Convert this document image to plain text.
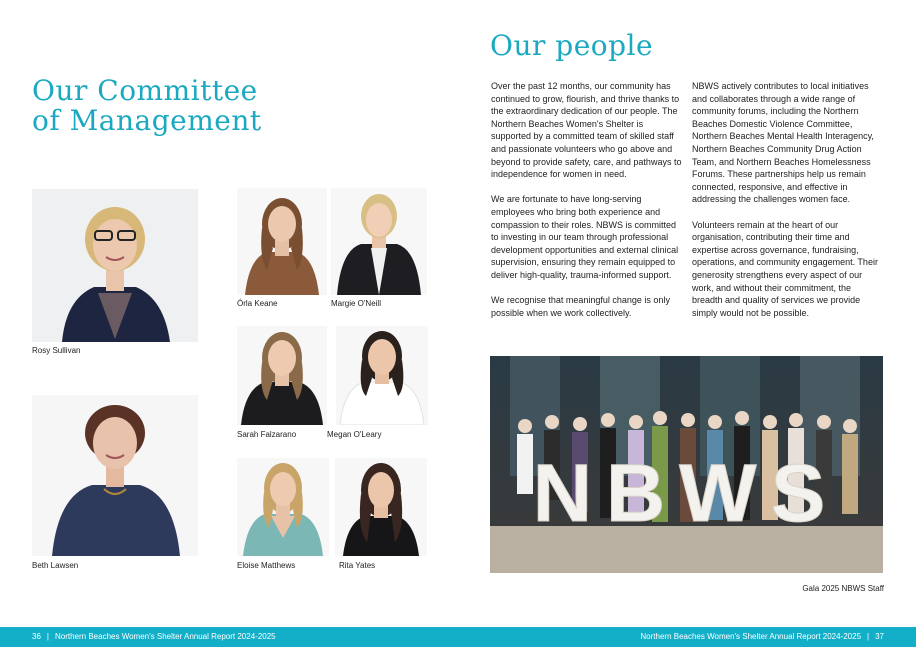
Our Committee
of Management
Rosy Sullivan
Beth Lawsen
Órla Keane	Margie O'Neill
Sarah Falzarano	Megan O'Leary
Eloise Matthews	Rita Yates
Our people

Over the past 12 months, our community has continued to grow, flourish, and thrive thanks to the extraordinary dedication of our people. The Northern Beaches Women's Shelter is supported by a committed team of skilled staff and passionate volunteers who go above and beyond to provide safety, care, and pathways to independence for women in need.

We are fortunate to have long-serving employees who bring both experience and compassion to their roles. NBWS is committed to investing in our team through professional development opportunities and external clinical supervision, ensuring they remain equipped to deliver high-quality, trauma-informed support.

We recognise that meaningful change is only possible when we work collectively.

NBWS actively contributes to local initiatives and collaborates through a wide range of community forums, including the Northern Beaches Domestic Violence Committee, Northern Beaches Mental Health Interagency, Northern Beaches Community Drug Action Team, and Northern Beaches Homelessness Forums. These partnerships help us remain connected, responsive, and effective in addressing the challenges women face.

Volunteers remain at the heart of our organisation, contributing their time and expertise across governance, fundraising, operations, and community engagement. Their generosity strengthens every aspect of our work, and without their commitment, the breadth and quality of services we provide simply would not be possible.

NBWS
Gala 2025 NBWS Staff
36 | Northern Beaches Women's Shelter Annual Report 2024-2025	Northern Beaches Women's Shelter Annual Report 2024-2025 | 37
